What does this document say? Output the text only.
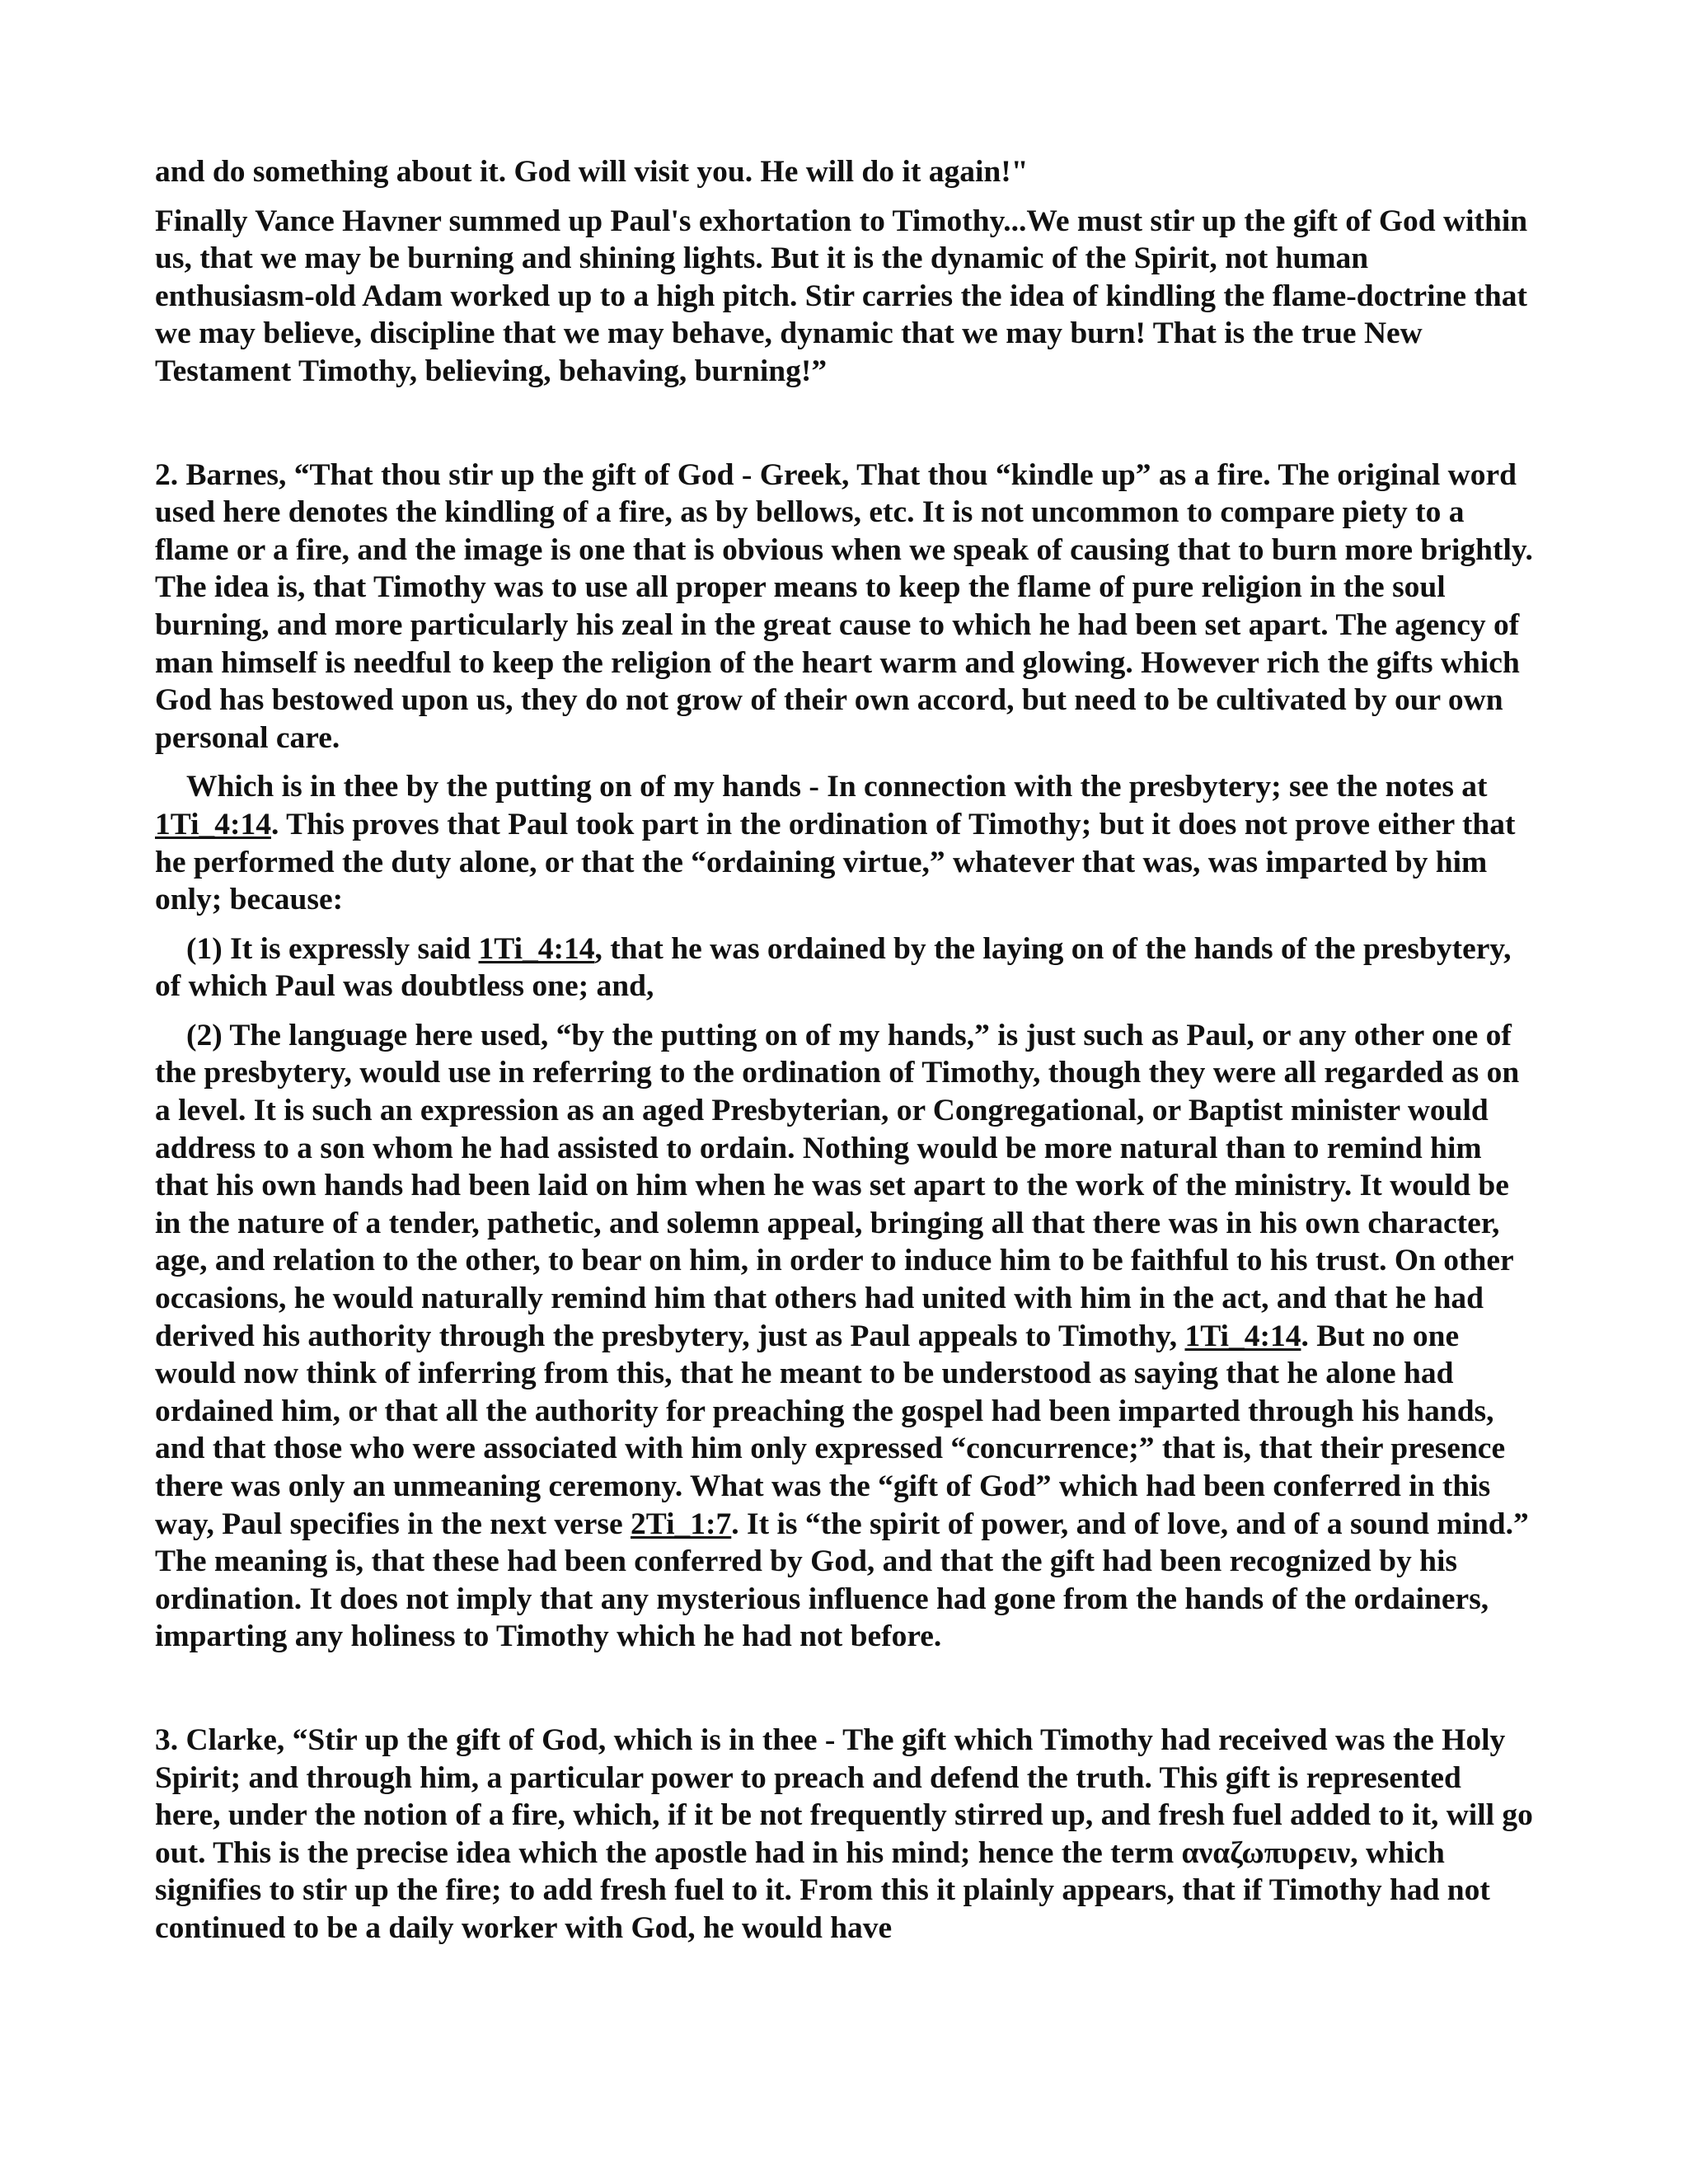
and do something about it. God will visit you. He will do it again!"

Finally Vance Havner summed up Paul's exhortation to Timothy...We must stir up the gift of God within us, that we may be burning and shining lights. But it is the dynamic of the Spirit, not human enthusiasm-old Adam worked up to a high pitch. Stir carries the idea of kindling the flame-doctrine that we may believe, discipline that we may behave, dynamic that we may burn! That is the true New Testament Timothy, believing, behaving, burning!”

2. Barnes, “That thou stir up the gift of God - Greek, That thou “kindle up” as a fire. The original word used here denotes the kindling of a fire, as by bellows, etc. It is not uncommon to compare piety to a flame or a fire, and the image is one that is obvious when we speak of causing that to burn more brightly. The idea is, that Timothy was to use all proper means to keep the flame of pure religion in the soul burning, and more particularly his zeal in the great cause to which he had been set apart. The agency of man himself is needful to keep the religion of the heart warm and glowing. However rich the gifts which God has bestowed upon us, they do not grow of their own accord, but need to be cultivated by our own personal care.

Which is in thee by the putting on of my hands - In connection with the presbytery; see the notes at 1Ti_4:14. This proves that Paul took part in the ordination of Timothy; but it does not prove either that he performed the duty alone, or that the “ordaining virtue,” whatever that was, was imparted by him only; because:

(1) It is expressly said 1Ti_4:14, that he was ordained by the laying on of the hands of the presbytery, of which Paul was doubtless one; and,

(2) The language here used, “by the putting on of my hands,” is just such as Paul, or any other one of the presbytery, would use in referring to the ordination of Timothy, though they were all regarded as on a level. It is such an expression as an aged Presbyterian, or Congregational, or Baptist minister would address to a son whom he had assisted to ordain. Nothing would be more natural than to remind him that his own hands had been laid on him when he was set apart to the work of the ministry. It would be in the nature of a tender, pathetic, and solemn appeal, bringing all that there was in his own character, age, and relation to the other, to bear on him, in order to induce him to be faithful to his trust. On other occasions, he would naturally remind him that others had united with him in the act, and that he had derived his authority through the presbytery, just as Paul appeals to Timothy, 1Ti_4:14. But no one would now think of inferring from this, that he meant to be understood as saying that he alone had ordained him, or that all the authority for preaching the gospel had been imparted through his hands, and that those who were associated with him only expressed “concurrence;” that is, that their presence there was only an unmeaning ceremony. What was the “gift of God” which had been conferred in this way, Paul specifies in the next verse 2Ti_1:7. It is “the spirit of power, and of love, and of a sound mind.” The meaning is, that these had been conferred by God, and that the gift had been recognized by his ordination. It does not imply that any mysterious influence had gone from the hands of the ordainers, imparting any holiness to Timothy which he had not before.

3. Clarke, “Stir up the gift of God, which is in thee - The gift which Timothy had received was the Holy Spirit; and through him, a particular power to preach and defend the truth. This gift is represented here, under the notion of a fire, which, if it be not frequently stirred up, and fresh fuel added to it, will go out. This is the precise idea which the apostle had in his mind; hence the term αναζωπυρειν, which signifies to stir up the fire; to add fresh fuel to it. From this it plainly appears, that if Timothy had not continued to be a daily worker with God, he would have
